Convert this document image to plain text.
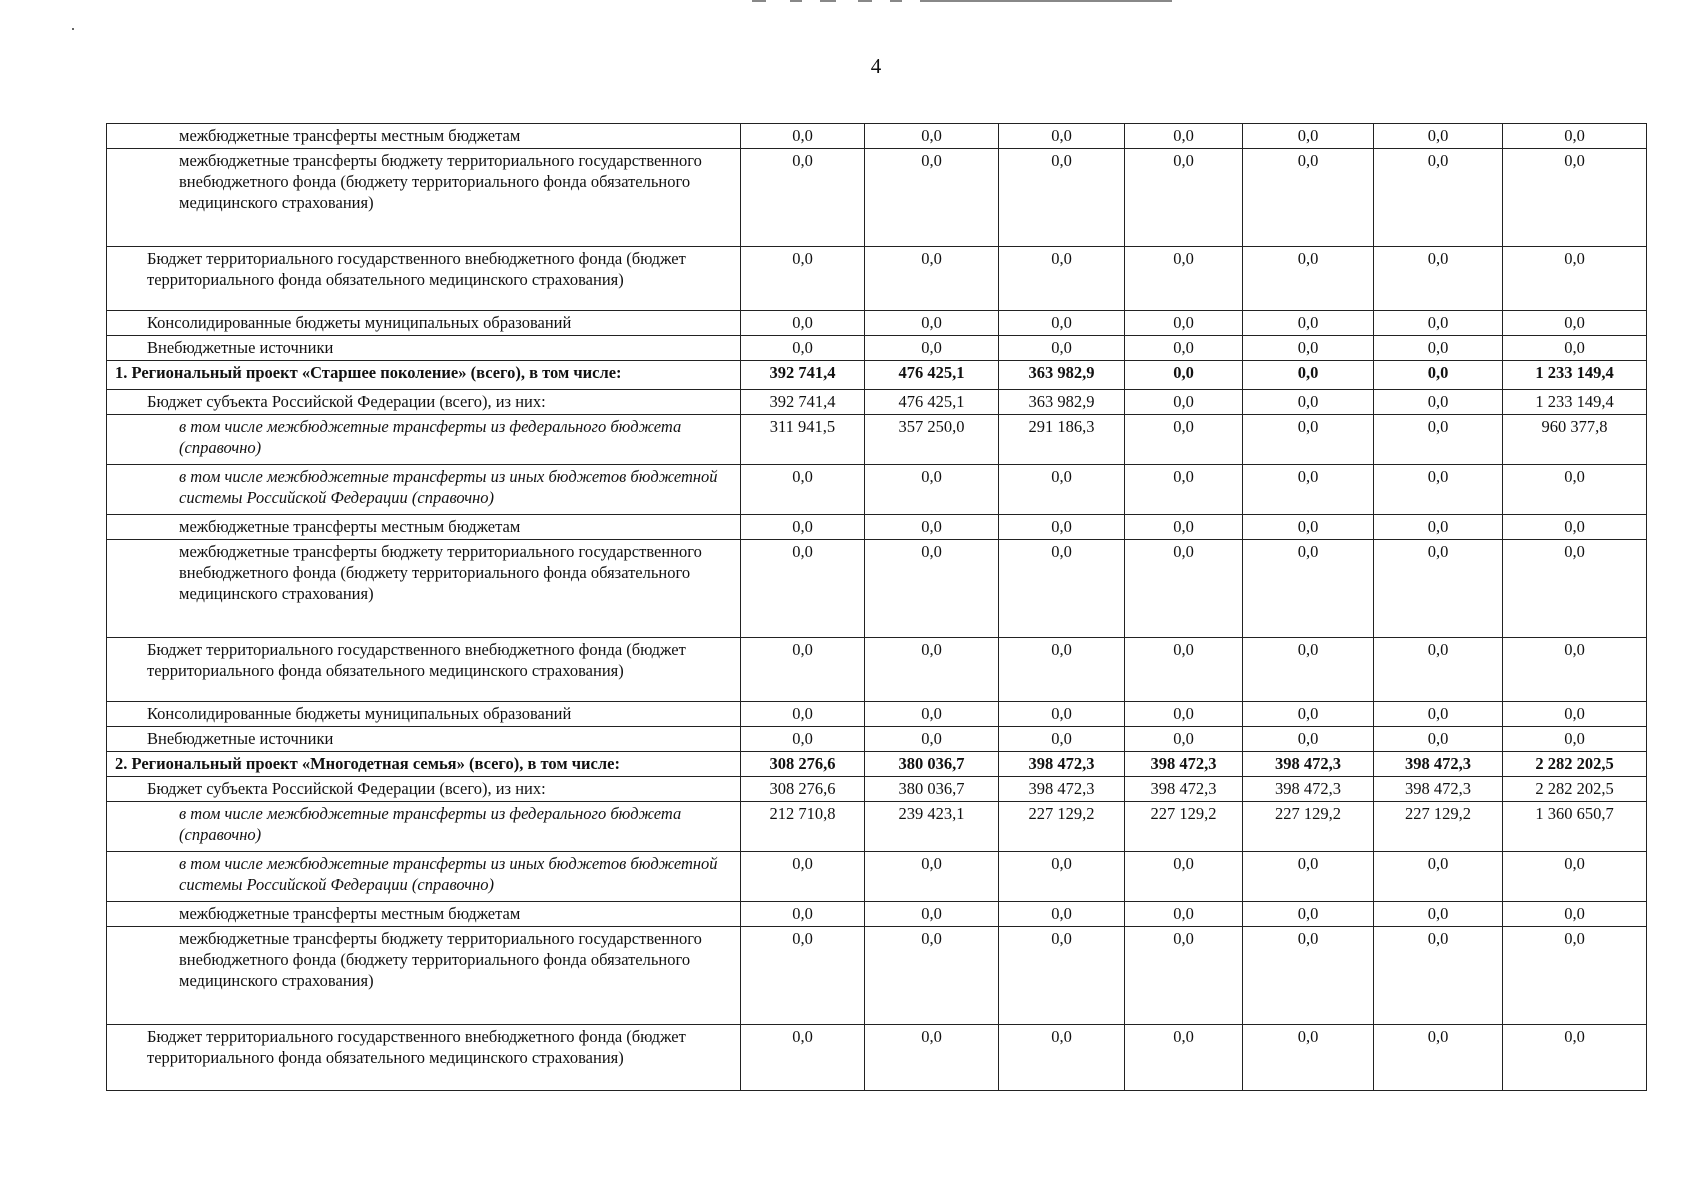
4
межбюджетные трансферты местным бюджетам	0,0	0,0	0,0	0,0	0,0	0,0	0,0
межбюджетные трансферты бюджету территориального государственного внебюджетного фонда (бюджету территориального фонда обязательного медицинского страхования)	0,0	0,0	0,0	0,0	0,0	0,0	0,0
Бюджет территориального государственного внебюджетного фонда (бюджет территориального фонда обязательного медицинского страхования)	0,0	0,0	0,0	0,0	0,0	0,0	0,0
Консолидированные бюджеты муниципальных образований	0,0	0,0	0,0	0,0	0,0	0,0	0,0
Внебюджетные источники	0,0	0,0	0,0	0,0	0,0	0,0	0,0
1. Региональный проект «Старшее поколение» (всего), в том числе:	392 741,4	476 425,1	363 982,9	0,0	0,0	0,0	1 233 149,4
Бюджет субъекта Российской Федерации (всего), из них:	392 741,4	476 425,1	363 982,9	0,0	0,0	0,0	1 233 149,4
в том числе межбюджетные трансферты из федерального бюджета (справочно)	311 941,5	357 250,0	291 186,3	0,0	0,0	0,0	960 377,8
в том числе межбюджетные трансферты из иных бюджетов бюджетной системы Российской Федерации (справочно)	0,0	0,0	0,0	0,0	0,0	0,0	0,0
межбюджетные трансферты местным бюджетам	0,0	0,0	0,0	0,0	0,0	0,0	0,0
межбюджетные трансферты бюджету территориального государственного внебюджетного фонда (бюджету территориального фонда обязательного медицинского страхования)	0,0	0,0	0,0	0,0	0,0	0,0	0,0
Бюджет территориального государственного внебюджетного фонда (бюджет территориального фонда обязательного медицинского страхования)	0,0	0,0	0,0	0,0	0,0	0,0	0,0
Консолидированные бюджеты муниципальных образований	0,0	0,0	0,0	0,0	0,0	0,0	0,0
Внебюджетные источники	0,0	0,0	0,0	0,0	0,0	0,0	0,0
2. Региональный проект «Многодетная семья» (всего), в том числе:	308 276,6	380 036,7	398 472,3	398 472,3	398 472,3	398 472,3	2 282 202,5
Бюджет субъекта Российской Федерации (всего), из них:	308 276,6	380 036,7	398 472,3	398 472,3	398 472,3	398 472,3	2 282 202,5
в том числе межбюджетные трансферты из федерального бюджета (справочно)	212 710,8	239 423,1	227 129,2	227 129,2	227 129,2	227 129,2	1 360 650,7
в том числе межбюджетные трансферты из иных бюджетов бюджетной системы Российской Федерации (справочно)	0,0	0,0	0,0	0,0	0,0	0,0	0,0
межбюджетные трансферты местным бюджетам	0,0	0,0	0,0	0,0	0,0	0,0	0,0
межбюджетные трансферты бюджету территориального государственного внебюджетного фонда (бюджету территориального фонда обязательного медицинского страхования)	0,0	0,0	0,0	0,0	0,0	0,0	0,0
Бюджет территориального государственного внебюджетного фонда (бюджет территориального фонда обязательного медицинского страхования)	0,0	0,0	0,0	0,0	0,0	0,0	0,0
